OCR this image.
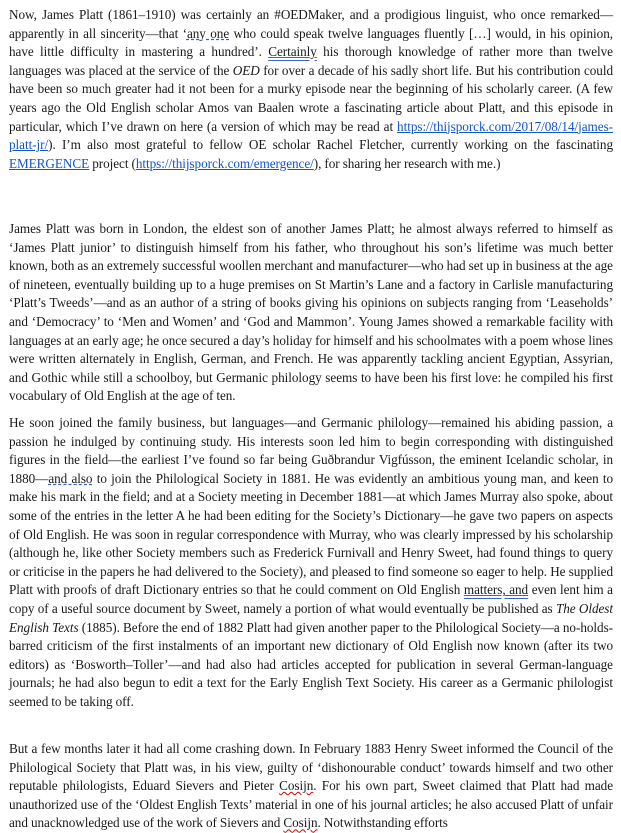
Now, James Platt (1861–1910) was certainly an #OEDMaker, and a prodigious linguist, who once remarked—apparently in all sincerity—that ‘any one who could speak twelve languages fluently […] would, in his opinion, have little difficulty in mastering a hundred’. Certainly his thorough knowledge of rather more than twelve languages was placed at the service of the OED for over a decade of his sadly short life. But his contribution could have been so much greater had it not been for a murky episode near the beginning of his scholarly career. (A few years ago the Old English scholar Amos van Baalen wrote a fascinating article about Platt, and this episode in particular, which I’ve drawn on here (a version of which may be read at https://thijsporck.com/2017/08/14/james-platt-jr/). I’m also most grateful to fellow OE scholar Rachel Fletcher, currently working on the fascinating EMERGENCE project (https://thijsporck.com/emergence/), for sharing her research with me.)

James Platt was born in London, the eldest son of another James Platt; he almost always referred to himself as ‘James Platt junior’ to distinguish himself from his father, who throughout his son’s lifetime was much better known, both as an extremely successful woollen merchant and manufacturer—who had set up in business at the age of nineteen, eventually building up to a huge premises on St Martin’s Lane and a factory in Carlisle manufacturing ‘Platt’s Tweeds’—and as an author of a string of books giving his opinions on subjects ranging from ‘Leaseholds’ and ‘Democracy’ to ‘Men and Women’ and ‘God and Mammon’. Young James showed a remarkable facility with languages at an early age; he once secured a day’s holiday for himself and his schoolmates with a poem whose lines were written alternately in English, German, and French. He was apparently tackling ancient Egyptian, Assyrian, and Gothic while still a schoolboy, but Germanic philology seems to have been his first love: he compiled his first vocabulary of Old English at the age of ten.

He soon joined the family business, but languages—and Germanic philology—remained his abiding passion, a passion he indulged by continuing study. His interests soon led him to begin corresponding with distinguished figures in the field—the earliest I’ve found so far being Guðbrandur Vigfússon, the eminent Icelandic scholar, in 1880—and also to join the Philological Society in 1881. He was evidently an ambitious young man, and keen to make his mark in the field; and at a Society meeting in December 1881—at which James Murray also spoke, about some of the entries in the letter A he had been editing for the Society’s Dictionary—he gave two papers on aspects of Old English. He was soon in regular correspondence with Murray, who was clearly impressed by his scholarship (although he, like other Society members such as Frederick Furnivall and Henry Sweet, had found things to query or criticise in the papers he had delivered to the Society), and pleased to find someone so eager to help. He supplied Platt with proofs of draft Dictionary entries so that he could comment on Old English matters, and even lent him a copy of a useful source document by Sweet, namely a portion of what would eventually be published as The Oldest English Texts (1885). Before the end of 1882 Platt had given another paper to the Philological Society—a no-holds-barred criticism of the first instalments of an important new dictionary of Old English now known (after its two editors) as ‘Bosworth–Toller’—and had also had articles accepted for publication in several German-language journals; he had also begun to edit a text for the Early English Text Society. His career as a Germanic philologist seemed to be taking off.

But a few months later it had all come crashing down. In February 1883 Henry Sweet informed the Council of the Philological Society that Platt was, in his view, guilty of ‘dishonourable conduct’ towards himself and two other reputable philologists, Eduard Sievers and Pieter Cosijn. For his own part, Sweet claimed that Platt had made unauthorized use of the ‘Oldest English Texts’ material in one of his journal articles; he also accused Platt of unfair and unacknowledged use of the work of Sievers and Cosijn. Notwithstanding efforts
